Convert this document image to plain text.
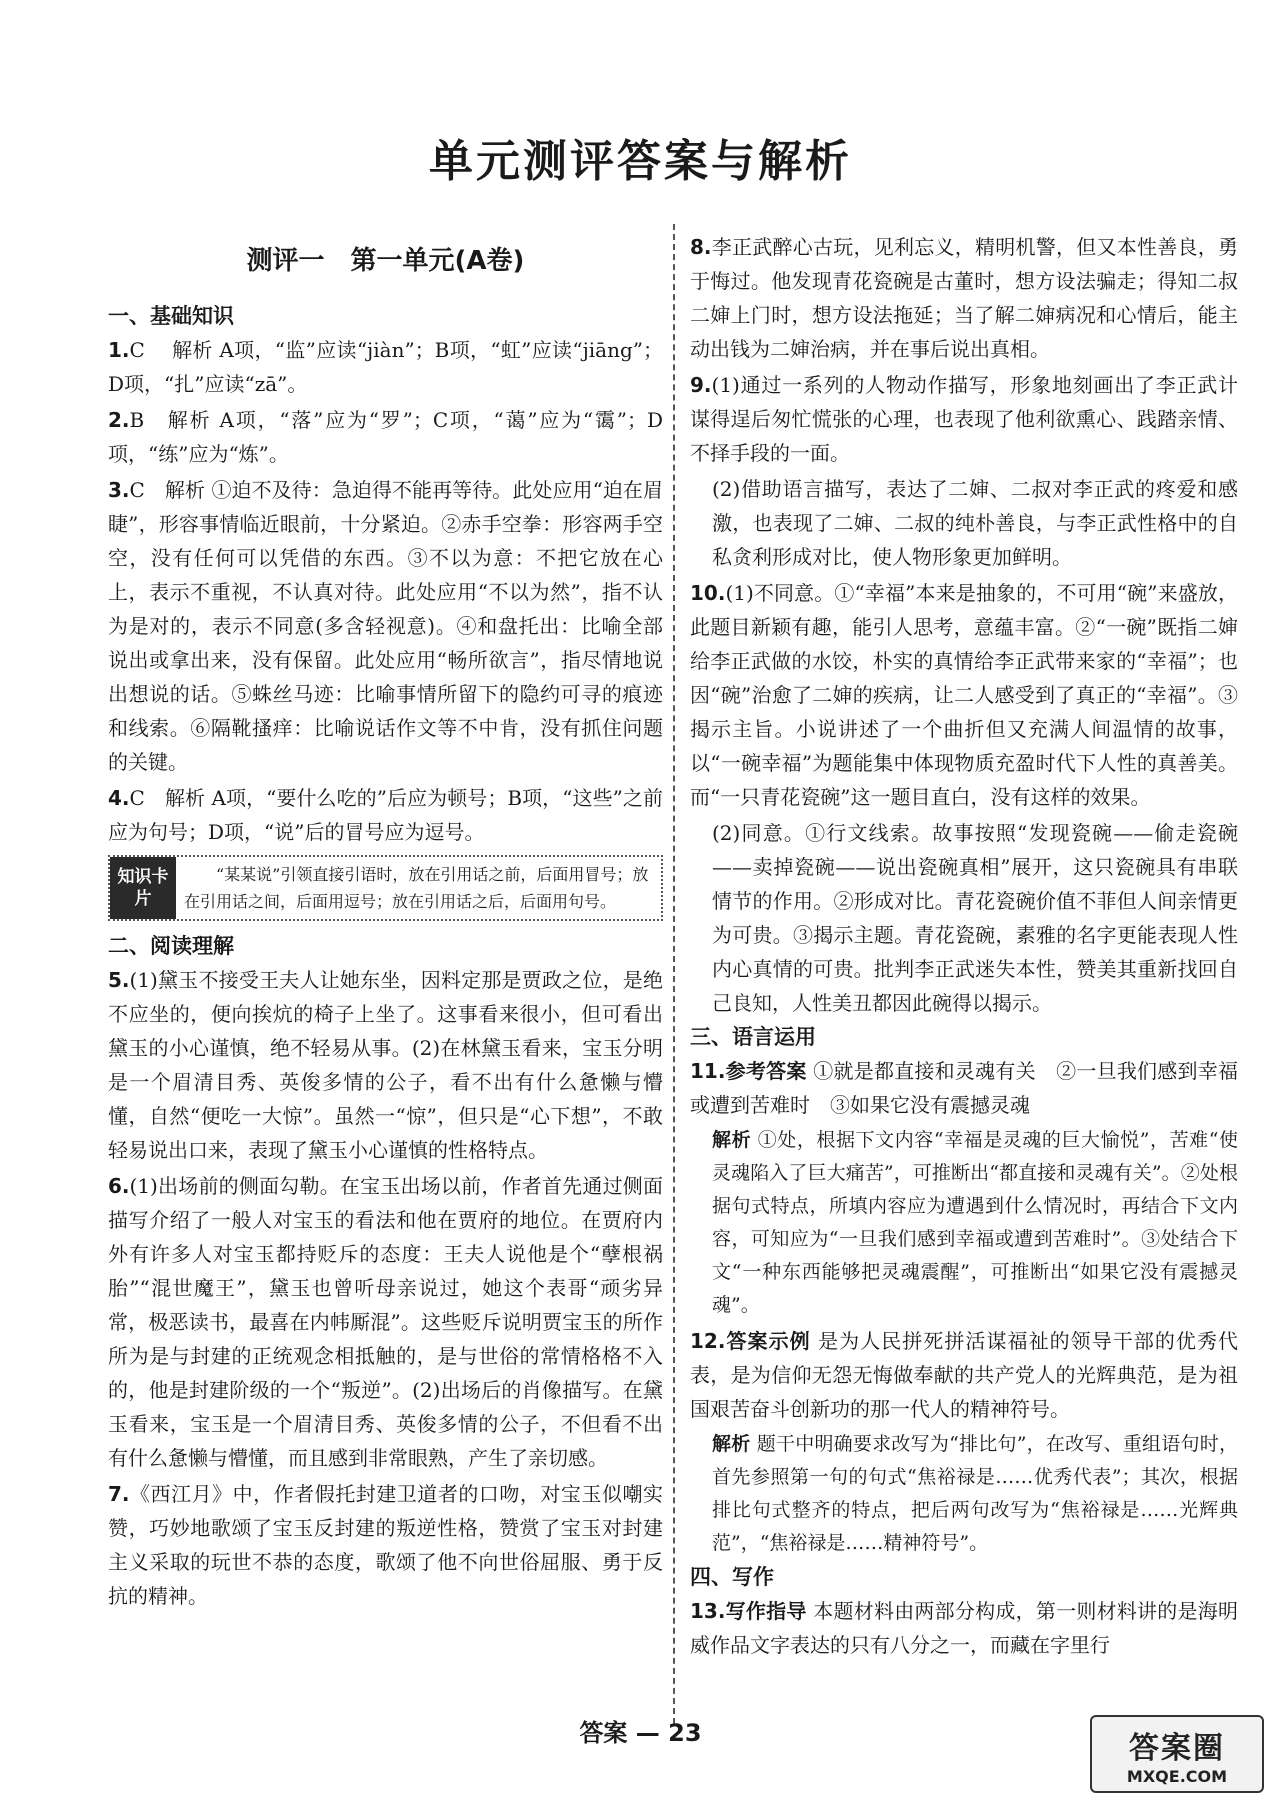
单元测评答案与解析
测评一　第一单元(A卷)
一、基础知识

1.C　 解析 A项，“监”应读“jiàn”；B项，“虹”应读“jiāng”；D项，“扎”应读“zā”。

2.B　解析 A项，“落”应为“罗”；C项，“蔼”应为“霭”；D项，“练”应为“炼”。

3.C　解析 ①迫不及待：急迫得不能再等待。此处应用“迫在眉睫”，形容事情临近眼前，十分紧迫。②赤手空拳：形容两手空空，没有任何可以凭借的东西。③不以为意：不把它放在心上，表示不重视，不认真对待。此处应用“不以为然”，指不认为是对的，表示不同意(多含轻视意)。④和盘托出：比喻全部说出或拿出来，没有保留。此处应用“畅所欲言”，指尽情地说出想说的话。⑤蛛丝马迹：比喻事情所留下的隐约可寻的痕迹和线索。⑥隔靴搔痒：比喻说话作文等不中肯，没有抓住问题的关键。

4.C　解析 A项，“要什么吃的”后应为顿号；B项，“这些”之前应为句号；D项，“说”后的冒号应为逗号。

知识卡片
“某某说”引领直接引语时，放在引用话之前，后面用冒号；放在引用话之间，后面用逗号；放在引用话之后，后面用句号。
二、阅读理解

5.(1)黛玉不接受王夫人让她东坐，因料定那是贾政之位，是绝不应坐的，便向挨炕的椅子上坐了。这事看来很小，但可看出黛玉的小心谨慎，绝不轻易从事。(2)在林黛玉看来，宝玉分明是一个眉清目秀、英俊多情的公子，看不出有什么惫懒与懵懂，自然“便吃一大惊”。虽然一“惊”，但只是“心下想”，不敢轻易说出口来，表现了黛玉小心谨慎的性格特点。

6.(1)出场前的侧面勾勒。在宝玉出场以前，作者首先通过侧面描写介绍了一般人对宝玉的看法和他在贾府的地位。在贾府内外有许多人对宝玉都持贬斥的态度：王夫人说他是个“孽根祸胎”“混世魔王”，黛玉也曾听母亲说过，她这个表哥“顽劣异常，极恶读书，最喜在内帏厮混”。这些贬斥说明贾宝玉的所作所为是与封建的正统观念相抵触的，是与世俗的常情格格不入的，他是封建阶级的一个“叛逆”。(2)出场后的肖像描写。在黛玉看来，宝玉是一个眉清目秀、英俊多情的公子，不但看不出有什么惫懒与懵懂，而且感到非常眼熟，产生了亲切感。

7.《西江月》中，作者假托封建卫道者的口吻，对宝玉似嘲实赞，巧妙地歌颂了宝玉反封建的叛逆性格，赞赏了宝玉对封建主义采取的玩世不恭的态度，歌颂了他不向世俗屈服、勇于反抗的精神。

8.李正武醉心古玩，见利忘义，精明机警，但又本性善良，勇于悔过。他发现青花瓷碗是古董时，想方设法骗走；得知二叔二婶上门时，想方设法拖延；当了解二婶病况和心情后，能主动出钱为二婶治病，并在事后说出真相。

9.(1)通过一系列的人物动作描写，形象地刻画出了李正武计谋得逞后匆忙慌张的心理，也表现了他利欲熏心、践踏亲情、不择手段的一面。

(2)借助语言描写，表达了二婶、二叔对李正武的疼爱和感激，也表现了二婶、二叔的纯朴善良，与李正武性格中的自私贪利形成对比，使人物形象更加鲜明。

10.(1)不同意。①“幸福”本来是抽象的，不可用“碗”来盛放，此题目新颖有趣，能引人思考，意蕴丰富。②“一碗”既指二婶给李正武做的水饺，朴实的真情给李正武带来家的“幸福”；也因“碗”治愈了二婶的疾病，让二人感受到了真正的“幸福”。③揭示主旨。小说讲述了一个曲折但又充满人间温情的故事，以“一碗幸福”为题能集中体现物质充盈时代下人性的真善美。而“一只青花瓷碗”这一题目直白，没有这样的效果。

(2)同意。①行文线索。故事按照“发现瓷碗——偷走瓷碗——卖掉瓷碗——说出瓷碗真相”展开，这只瓷碗具有串联情节的作用。②形成对比。青花瓷碗价值不菲但人间亲情更为可贵。③揭示主题。青花瓷碗，素雅的名字更能表现人性内心真情的可贵。批判李正武迷失本性，赞美其重新找回自己良知，人性美丑都因此碗得以揭示。

三、语言运用

11.参考答案 ①就是都直接和灵魂有关　②一旦我们感到幸福或遭到苦难时　③如果它没有震撼灵魂

解析 ①处，根据下文内容“幸福是灵魂的巨大愉悦”，苦难“使灵魂陷入了巨大痛苦”，可推断出“都直接和灵魂有关”。②处根据句式特点，所填内容应为遭遇到什么情况时，再结合下文内容，可知应为“一旦我们感到幸福或遭到苦难时”。③处结合下文“一种东西能够把灵魂震醒”，可推断出“如果它没有震撼灵魂”。

12.答案示例 是为人民拼死拼活谋福祉的领导干部的优秀代表，是为信仰无怨无悔做奉献的共产党人的光辉典范，是为祖国艰苦奋斗创新功的那一代人的精神符号。

解析 题干中明确要求改写为“排比句”，在改写、重组语句时，首先参照第一句的句式“焦裕禄是……优秀代表”；其次，根据排比句式整齐的特点，把后两句改写为“焦裕禄是……光辉典范”，“焦裕禄是……精神符号”。

四、写作

13.写作指导 本题材料由两部分构成，第一则材料讲的是海明威作品文字表达的只有八分之一，而藏在字里行

答案 — 23	答案圈
MXQE.COM
